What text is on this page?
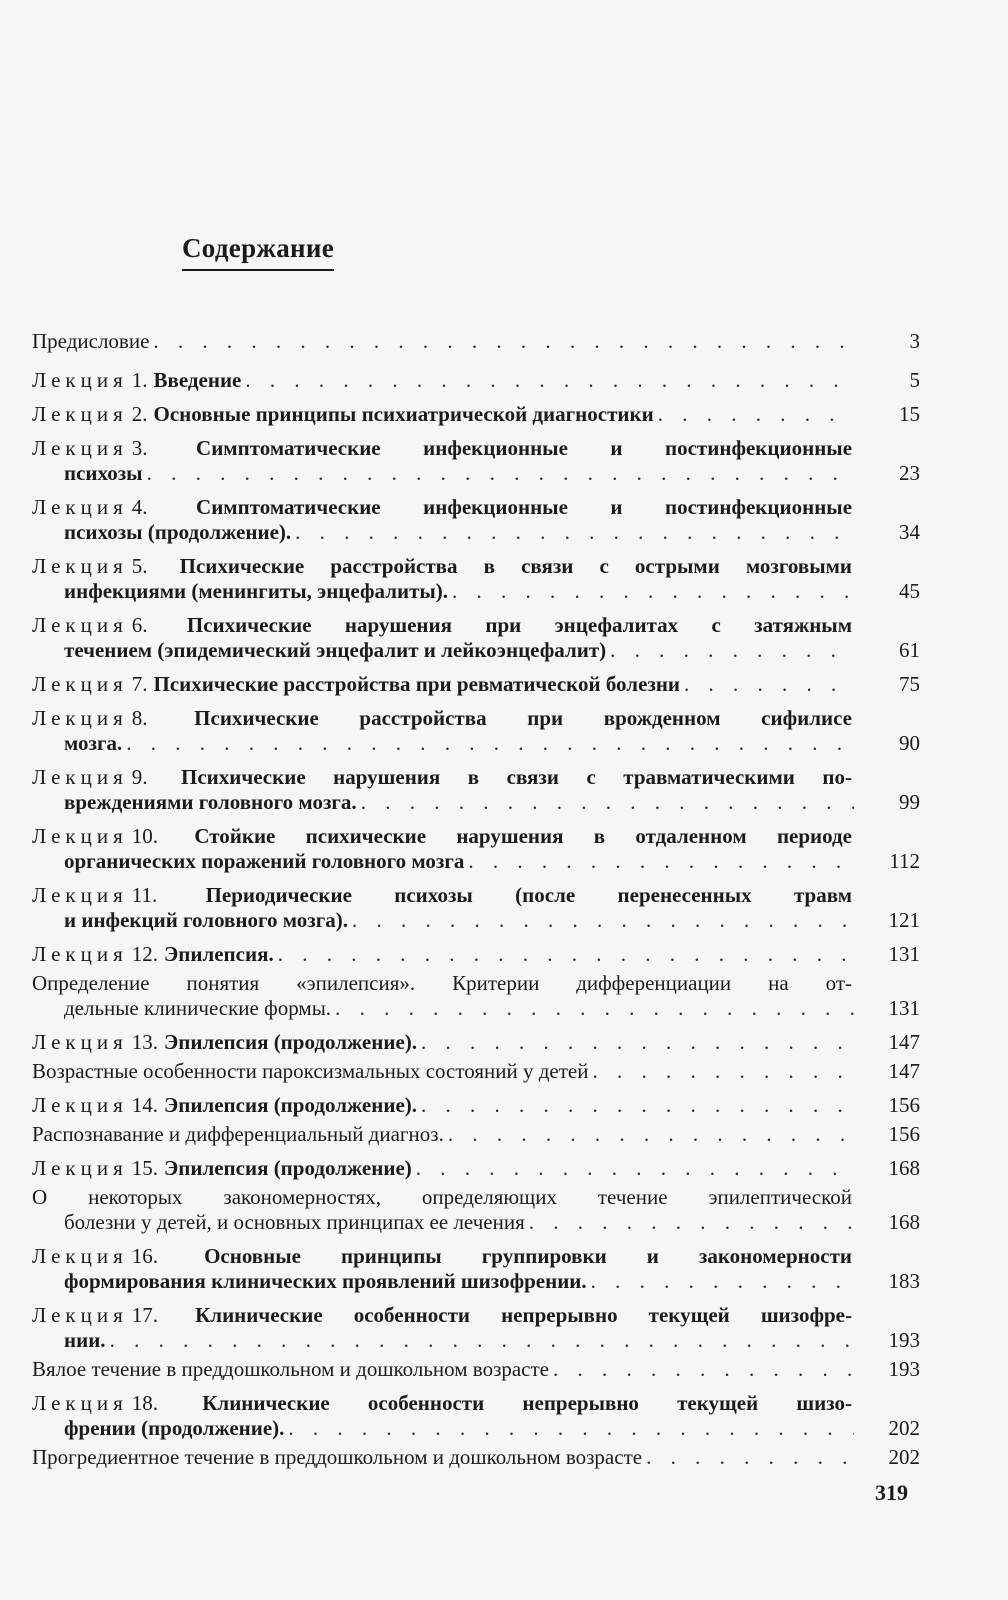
Содержание
Предисловие . . .	3
Лекция 1. Введение . . .	5
Лекция 2. Основные принципы психиатрической диагностики . . .	15
Лекция 3. Симптоматические инфекционные и постинфекционные
психозы . . .	23
Лекция 4. Симптоматические инфекционные и постинфекционные
психозы (продолжение). . . .	34
Лекция 5. Психические расстройства в связи с острыми мозговыми
инфекциями (менингиты, энцефалиты). . . .	45
Лекция 6. Психические нарушения при энцефалитах с затяжным
течением (эпидемический энцефалит и лейкоэнцефалит) . . .	61
Лекция 7. Психические расстройства при ревматической болезни . . .	75
Лекция 8. Психические расстройства при врожденном сифилисе
мозга. . . .	90
Лекция 9. Психические нарушения в связи с травматическими по-
вреждениями головного мозга. . . .	99
Лекция 10. Стойкие психические нарушения в отдаленном периоде
органических поражений головного мозга . . .	112
Лекция 11. Периодические психозы (после перенесенных травм
и инфекций головного мозга). . . .	121
Лекция 12. Эпилепсия. . . .	131
Определение понятия «эпилепсия». Критерии дифференциации на от-
дельные клинические формы. . . .	131
Лекция 13. Эпилепсия (продолжение). . . .	147
Возрастные особенности пароксизмальных состояний у детей . . .	147
Лекция 14. Эпилепсия (продолжение). . . .	156
Распознавание и дифференциальный диагноз. . . .	156
Лекция 15. Эпилепсия (продолжение) . . .	168
О некоторых закономерностях, определяющих течение эпилептической
болезни у детей, и основных принципах ее лечения . . .	168
Лекция 16. Основные принципы группировки и закономерности
формирования клинических проявлений шизофрении. . . .	183
Лекция 17. Клинические особенности непрерывно текущей шизофре-
нии. . . .	193
Вялое течение в преддошкольном и дошкольном возрасте . . .	193
Лекция 18. Клинические особенности непрерывно текущей шизо-
френии (продолжение). . . .	202
Прогредиентное течение в преддошкольном и дошкольном возрасте . . .	202
319
